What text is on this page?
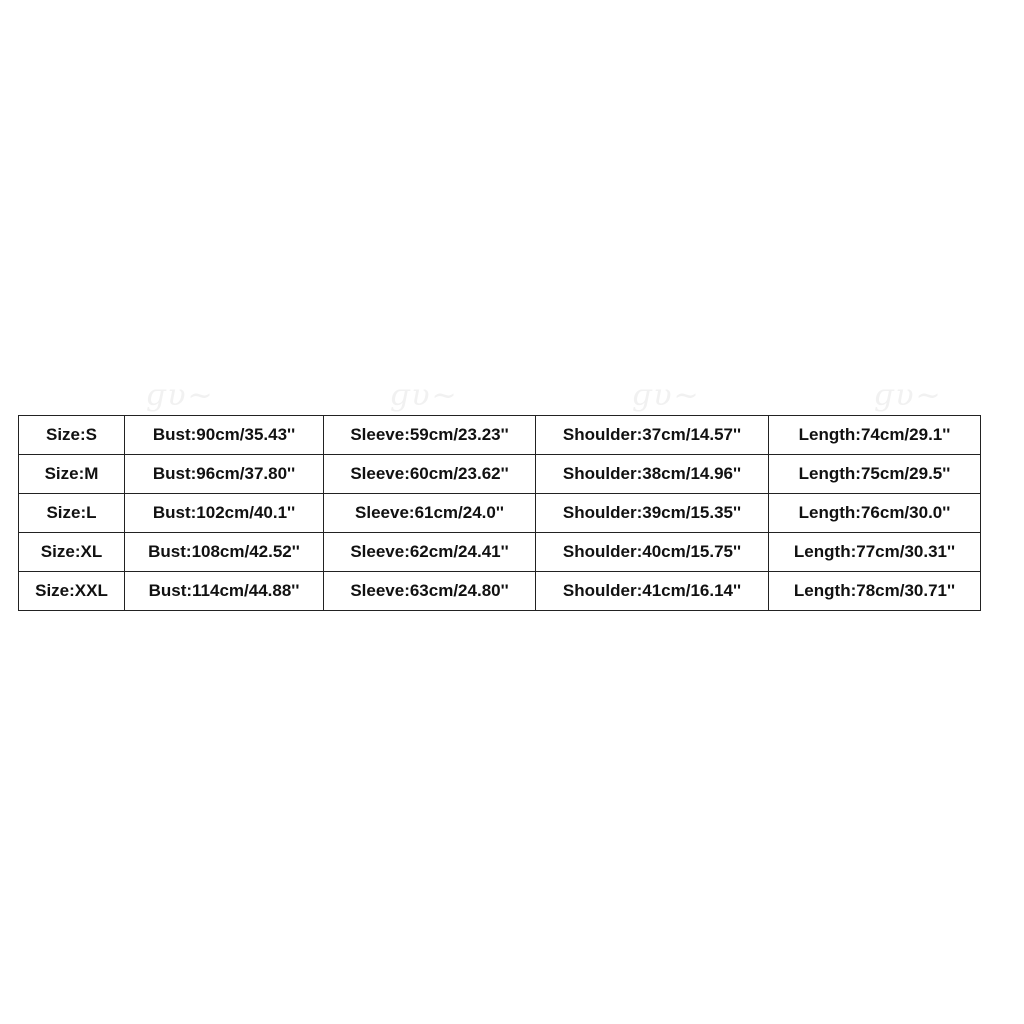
ɡυ~	ɡυ~	ɡυ~	ɡυ~
Size:S	Bust:90cm/35.43''	Sleeve:59cm/23.23''	Shoulder:37cm/14.57''	Length:74cm/29.1''
Size:M	Bust:96cm/37.80''	Sleeve:60cm/23.62''	Shoulder:38cm/14.96''	Length:75cm/29.5''
Size:L	Bust:102cm/40.1''	Sleeve:61cm/24.0''	Shoulder:39cm/15.35''	Length:76cm/30.0''
Size:XL	Bust:108cm/42.52''	Sleeve:62cm/24.41''	Shoulder:40cm/15.75''	Length:77cm/30.31''
Size:XXL	Bust:114cm/44.88''	Sleeve:63cm/24.80''	Shoulder:41cm/16.14''	Length:78cm/30.71''
